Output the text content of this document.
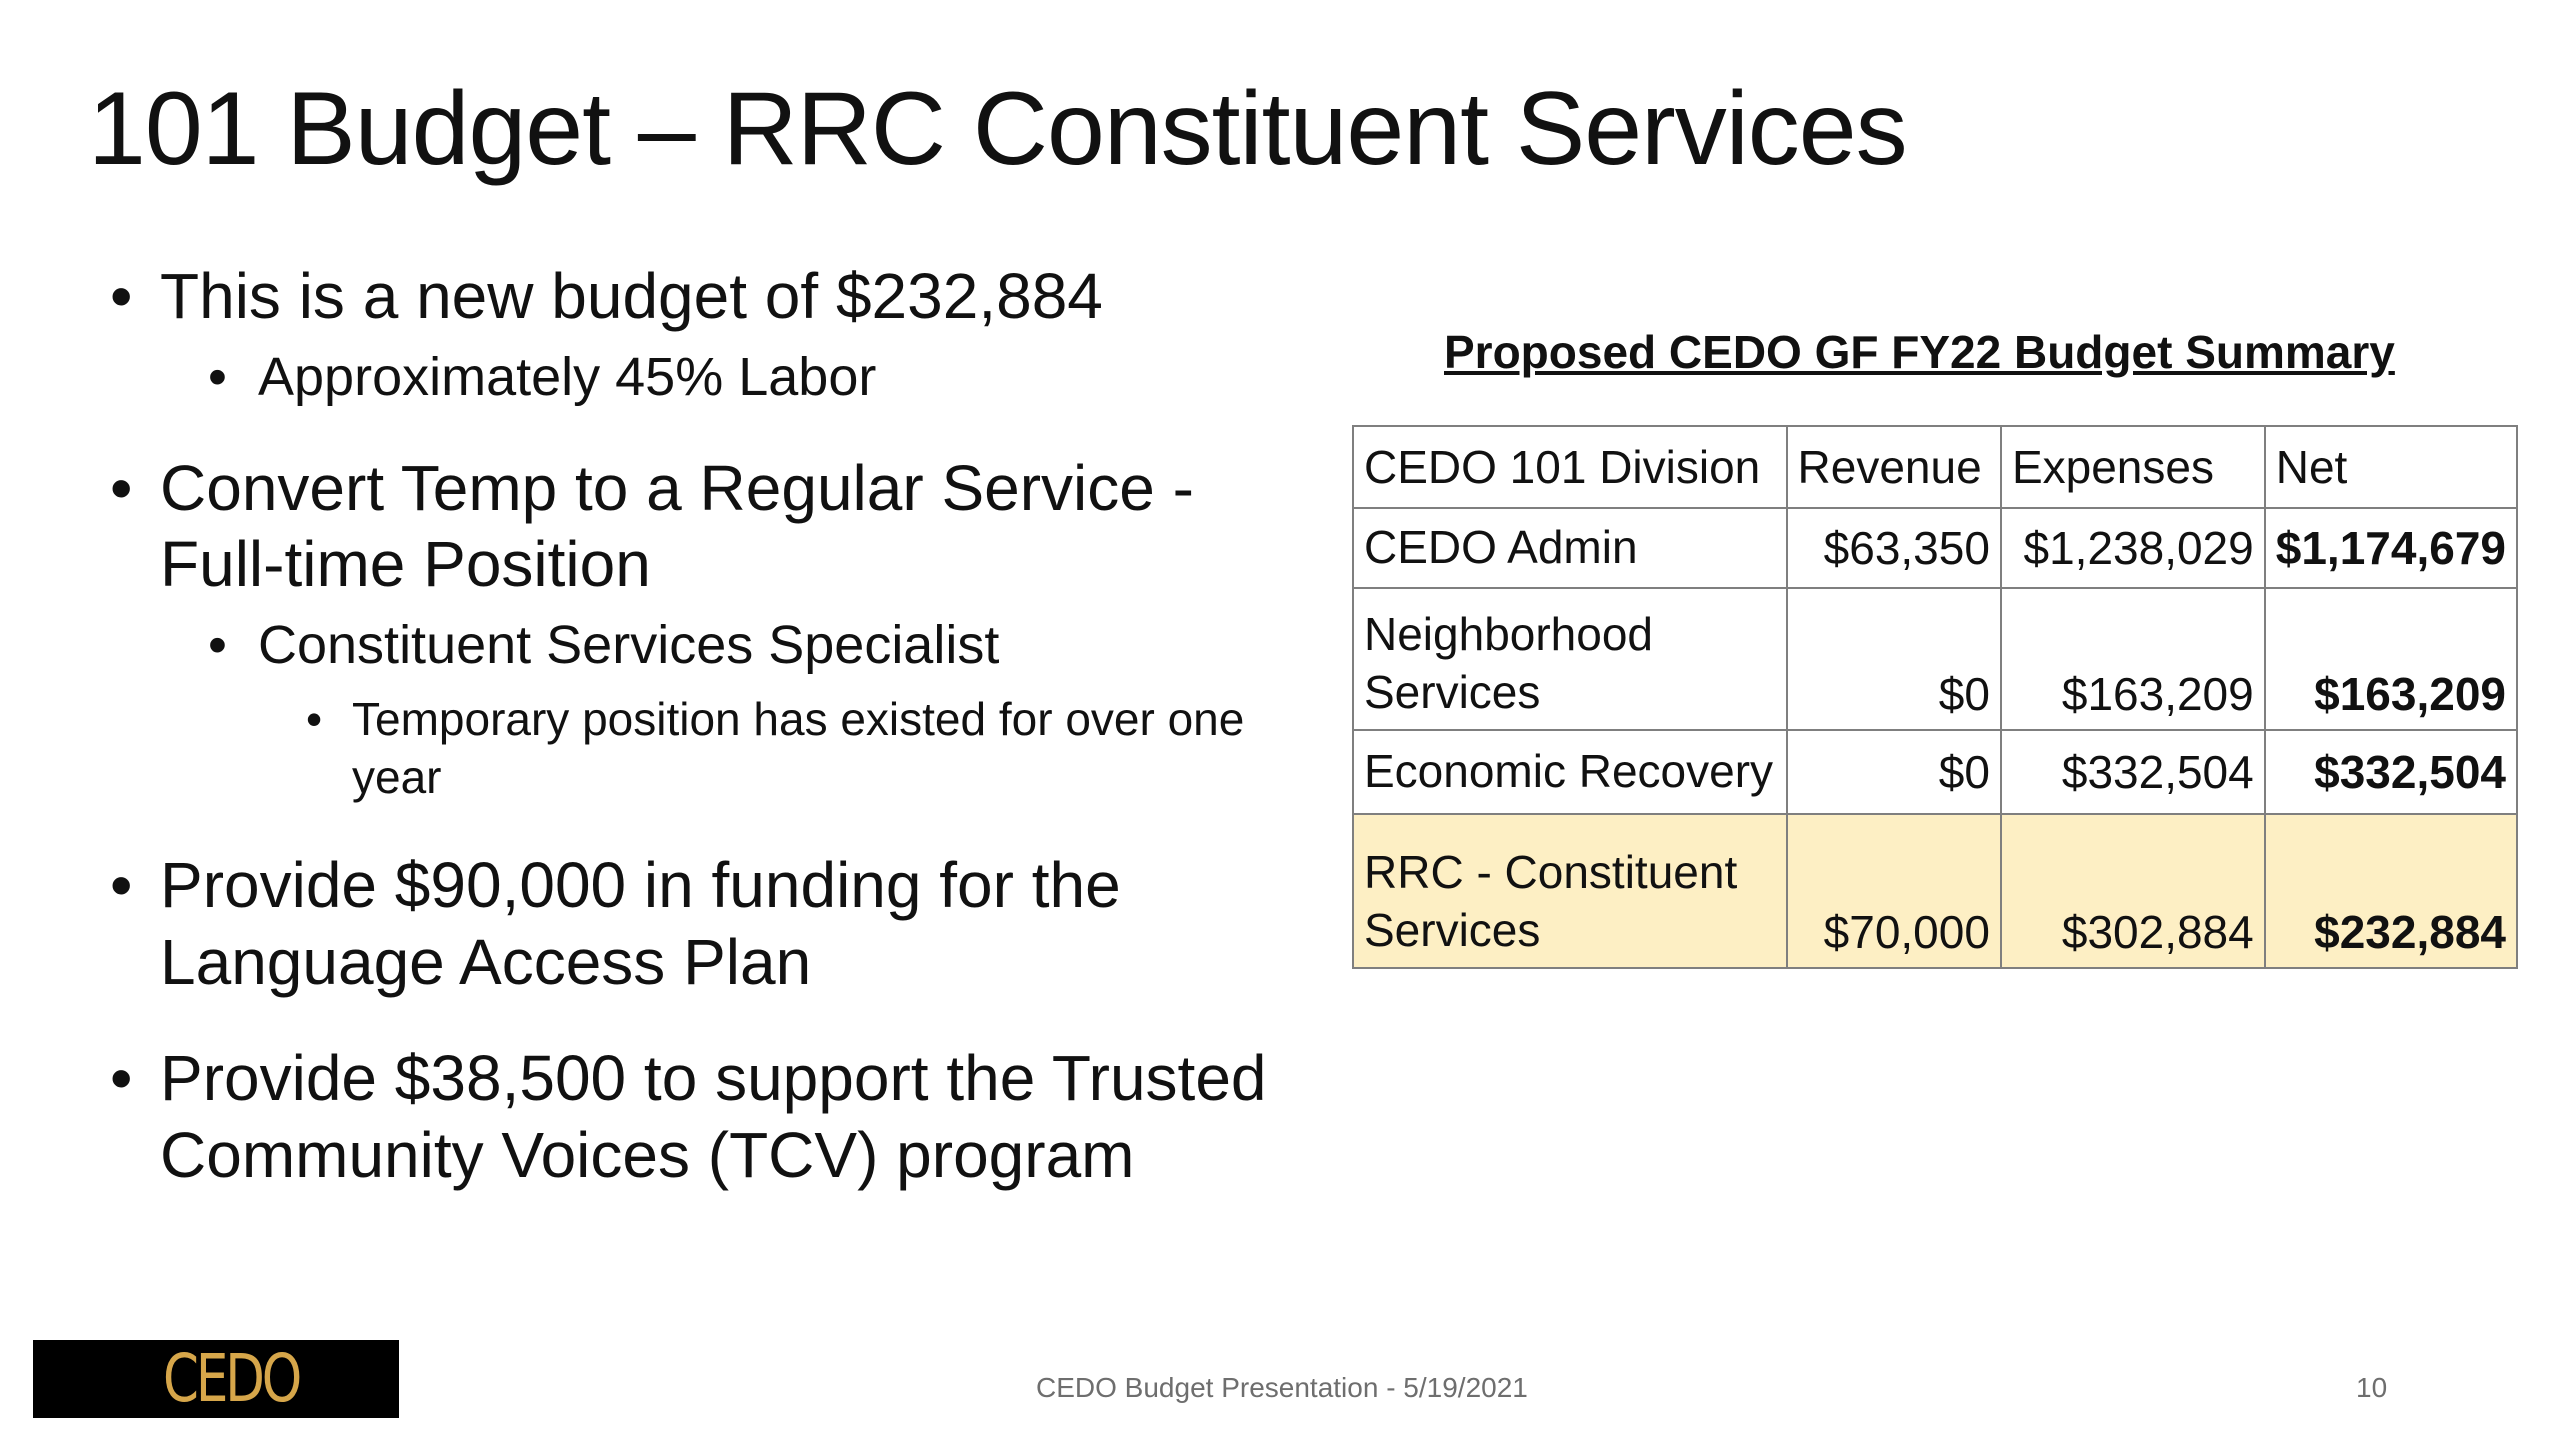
101 Budget – RRC Constituent Services
• This is a new budget of $232,884
• Approximately 45% Labor
• Convert Temp to a Regular Service - Full-time Position
• Constituent Services Specialist
• Temporary position has existed for over one year
• Provide $90,000 in funding for the Language Access Plan
• Provide $38,500 to support the Trusted Community Voices (TCV) program
Proposed CEDO GF FY22 Budget Summary
CEDO 101 Division	Revenue	Expenses	Net
CEDO Admin	$63,350	$1,238,029	$1,174,679

Neighborhood
Services	$0	$163,209	$163,209
Economic Recovery	$0	$332,504	$332,504

RRC - Constituent
Services	$70,000	$302,884	$232,884
CEDO	CEDO Budget Presentation - 5/19/2021	10
